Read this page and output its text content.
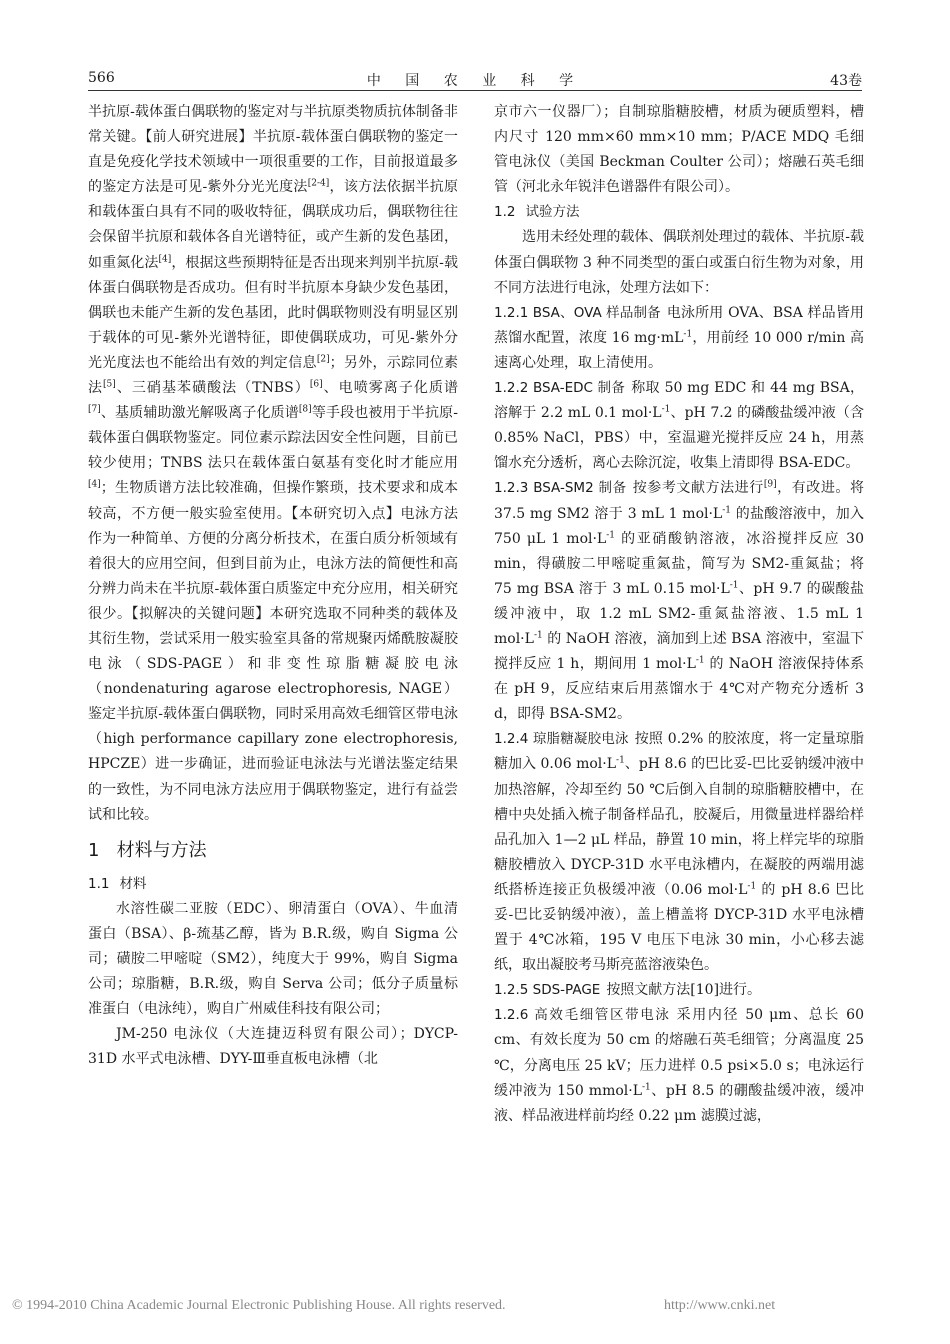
566	中 国 农 业 科 学	43卷

半抗原-载体蛋白偶联物的鉴定对与半抗原类物质抗体制备非常关键。【前人研究进展】半抗原-载体蛋白偶联物的鉴定一直是免疫化学技术领域中一项很重要的工作，目前报道最多的鉴定方法是可见-紫外分光光度法[2-4]，该方法依据半抗原和载体蛋白具有不同的吸收特征，偶联成功后，偶联物往往会保留半抗原和载体各自光谱特征，或产生新的发色基团，如重氮化法[4]，根据这些预期特征是否出现来判别半抗原-载体蛋白偶联物是否成功。但有时半抗原本身缺少发色基团，偶联也未能产生新的发色基团，此时偶联物则没有明显区别于载体的可见-紫外光谱特征，即使偶联成功，可见-紫外分光光度法也不能给出有效的判定信息[2]；另外，示踪同位素法[5]、三硝基苯磺酸法（TNBS）[6]、电喷雾离子化质谱[7]、基质辅助激光解吸离子化质谱[8]等手段也被用于半抗原-载体蛋白偶联物鉴定。同位素示踪法因安全性问题，目前已较少使用；TNBS 法只在载体蛋白氨基有变化时才能应用[4]；生物质谱方法比较准确，但操作繁琐，技术要求和成本较高，不方便一般实验室使用。【本研究切入点】电泳方法作为一种简单、方便的分离分析技术，在蛋白质分析领域有着很大的应用空间，但到目前为止，电泳方法的简便性和高分辨力尚未在半抗原-载体蛋白质鉴定中充分应用，相关研究很少。【拟解决的关键问题】本研究选取不同种类的载体及其衍生物，尝试采用一般实验室具备的常规聚丙烯酰胺凝胶电泳（SDS-PAGE）和非变性琼脂糖凝胶电泳（nondenaturing agarose electrophoresis, NAGE）鉴定半抗原-载体蛋白偶联物，同时采用高效毛细管区带电泳（high performance capillary zone electrophoresis, HPCZE）进一步确证，进而验证电泳法与光谱法鉴定结果的一致性，为不同电泳方法应用于偶联物鉴定，进行有益尝试和比较。

1 材料与方法
1.1 材料

水溶性碳二亚胺（EDC）、卵清蛋白（OVA）、牛血清蛋白（BSA）、β-巯基乙醇，皆为 B.R.级，购自 Sigma 公司；磺胺二甲嘧啶（SM2），纯度大于 99%，购自 Sigma 公司；琼脂糖，B.R.级，购自 Serva 公司；低分子质量标准蛋白（电泳纯），购自广州威佳科技有限公司；

JM-250 电泳仪（大连捷迈科贸有限公司）；DYCP-31D 水平式电泳槽、DYY-Ⅲ垂直板电泳槽（北

京市六一仪器厂）；自制琼脂糖胶槽，材质为硬质塑料，槽内尺寸 120 mm×60 mm×10 mm；P/ACE MDQ 毛细管电泳仪（美国 Beckman Coulter 公司）；熔融石英毛细管（河北永年锐沣色谱器件有限公司）。

1.2 试验方法

选用未经处理的载体、偶联剂处理过的载体、半抗原-载体蛋白偶联物 3 种不同类型的蛋白或蛋白衍生物为对象，用不同方法进行电泳，处理方法如下：

1.2.1 BSA、OVA 样品制备 电泳所用 OVA、BSA 样品皆用蒸馏水配置，浓度 16 $mg\cdot mL^{-1}$，用前经 10 000 r/min 高速离心处理，取上清使用。

1.2.2 BSA-EDC 制备 称取 50 mg EDC 和 44 mg BSA，溶解于 2.2 mL 0.1 $mol\cdot L^{-1}$、pH 7.2 的磷酸盐缓冲液（含 0.85% NaCl，PBS）中，室温避光搅拌反应 24 h，用蒸馏水充分透析，离心去除沉淀，收集上清即得 BSA-EDC。

1.2.3 BSA-SM2 制备 按参考文献方法进行[9]，有改进。将 37.5 mg SM2 溶于 3 mL 1 $mol\cdot L^{-1}$ 的盐酸溶液中，加入 750 μL 1 $mol\cdot L^{-1}$ 的亚硝酸钠溶液，冰浴搅拌反应 30 min，得磺胺二甲嘧啶重氮盐，简写为 SM2-重氮盐；将 75 mg BSA 溶于 3 mL 0.15 $mol\cdot L^{-1}$、pH 9.7 的碳酸盐缓冲液中，取 1.2 mL SM2-重氮盐溶液、1.5 mL 1 $mol\cdot L^{-1}$ 的 NaOH 溶液，滴加到上述 BSA 溶液中，室温下搅拌反应 1 h，期间用 1 $mol\cdot L^{-1}$ 的 NaOH 溶液保持体系在 pH 9，反应结束后用蒸馏水于 4℃对产物充分透析 3 d，即得 BSA-SM2。

1.2.4 琼脂糖凝胶电泳 按照 0.2% 的胶浓度，将一定量琼脂糖加入 0.06 $mol\cdot L^{-1}$、pH 8.6 的巴比妥-巴比妥钠缓冲液中加热溶解，冷却至约 50 ℃后倒入自制的琼脂糖胶槽中，在槽中央处插入梳子制备样品孔，胶凝后，用微量进样器给样品孔加入 1—2 μL 样品，静置 10 min，将上样完毕的琼脂糖胶槽放入 DYCP-31D 水平电泳槽内，在凝胶的两端用滤纸搭桥连接正负极缓冲液（0.06 $mol\cdot L^{-1}$ 的 pH 8.6 巴比妥-巴比妥钠缓冲液），盖上槽盖将 DYCP-31D 水平电泳槽置于 4℃冰箱，195 V 电压下电泳 30 min，小心移去滤纸，取出凝胶考马斯亮蓝溶液染色。

1.2.5 SDS-PAGE 按照文献方法[10]进行。

1.2.6 高效毛细管区带电泳 采用内径 50 μm、总长 60 cm、有效长度为 50 cm 的熔融石英毛细管；分离温度 25 ℃，分离电压 25 kV；压力进样 0.5 psi×5.0 s；电泳运行缓冲液为 150 $mmol\cdot L^{-1}$、pH 8.5 的硼酸盐缓冲液，缓冲液、样品液进样前均经 0.22 μm 滤膜过滤，

© 1994-2010 China Academic Journal Electronic Publishing House. All rights reserved.	http://www.cnki.net
